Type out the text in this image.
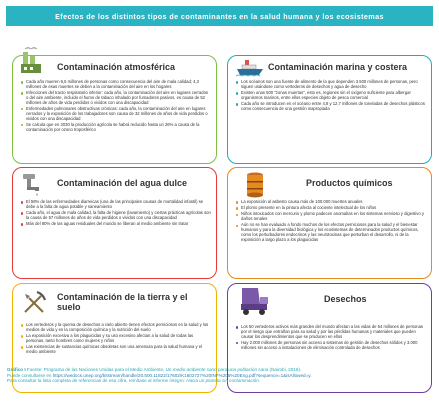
Efectos de los distintos tipos de contaminantes en la salud humana y los ecosistemas
Contaminación atmosférica
Cada año mueren 6,5 millones de personas como consecuencia del aire de mala calidad; 4,3 millones de esas muertes se deben a la contaminación del aire en los hogares
Infecciones del tracto respiratorio inferior: cada año, la contaminación del aire en lugares cerrados o del aire ambiente, incluido el humo de tabaco inhalado por fumadores pasivos, es causa de 52 millones de años de vida perdidos o vividos con una discapacidad
Enfermedades pulmonares obstructivas crónicas: cada año, la contaminación del aire en lugares cerrados y la exposición de los trabajadores son causa de 32 millones de años de vida perdidos o vividos con una discapacidad
Se calcula que en 2030 la producción agrícola se habrá reducido hasta un 26% a causa de la contaminación por ozono troposférico
Contaminación marina y costera
Los océanos son una fuente de alimento de la que dependen 3.500 millones de personas, pero siguen usándose como vertederos de desechos y agua de desecho
Existen unas 500 "zonas muertas", esto es, regiones sin el oxígeno suficiente para albergar organismos marinos, entre ellos especies objeto de pesca comercial
Cada año se introducen en el océano entre 4,8 y 12,7 millones de toneladas de desechos plásticos como consecuencia de una gestión inapropiada
Contaminación del agua dulce
El 58% de las enfermedades diarreicas (una de las principales causas de mortalidad infantil) se debe a la falta de agua potable y saneamiento
Cada año, el agua de mala calidad, la falta de higiene (lavamiento) y ciertas prácticas agrícolas son la causa de 57 millones de años de vida perdidos o vividos con una discapacidad
Más del 80% de las aguas residuales del mundo se liberan al medio ambiente sin tratar
Productos químicos
La exposición al asbesto causa más de 100.000 muertes anuales
El plomo presente en la pintura afecta al cociente intelectual de los niños
Niños intoxicados con mercurio y plomo padecen anomalías en los sistemas nervioso y digestivo y daños renales
Aún no se han evaluado a fondo muchos de los efectos perniciosos para la salud y el bienestar humanos y para la diversidad biológica y los ecosistemas de determinados productos químicos, como los perturbadores endocrinos y las neurotoxinas que perturban el desarrollo, ni de la exposición a largo plazo a los plaguicidas
Contaminación de la tierra y el suelo
Los vertederos y la quema de desechos a cielo abierto tienen efectos perniciosos en la salud y los medios de vida y en la composición química y la nutrición del suelo
La exposición excesiva a los plaguicidas y su uso excesivo afectan a la salud de todas las personas, tanto hombres como mujeres y niños
Las existencias de sustancias químicas obsoletas son una amenaza para la salud humana y el medio ambiente
Desechos
Los 50 vertederos activos más grandes del mundo afectan a las vidas de 64 millones de personas por el riesgo que entrañan para su salud y por las pérdidas humanas y materiales que pueden causar los desprendimientos que se producen en ellos
Hay 2.000 millones de personas sin acceso a sistemas de gestión de desechos sólidos y 3.000 millones sin acceso a instalaciones de eliminación controlada de desechos
Gráfico I Fuente: Programa de las Naciones Unidas para el Medio Ambiente, Un medio ambiente sano para una población sana (Nairobi, 2016).
Puede consultarse en https://wedocs.unep.org/bitstream/handle/20.500.11822/17602/K1602727%20INF%205%20Eng.pdf?sequence=1&isAllowed=y.
Para consultar la lista completa de referencias de esa cifra, remítase al informe íntegro: Hacia un planeta sin contaminación.
